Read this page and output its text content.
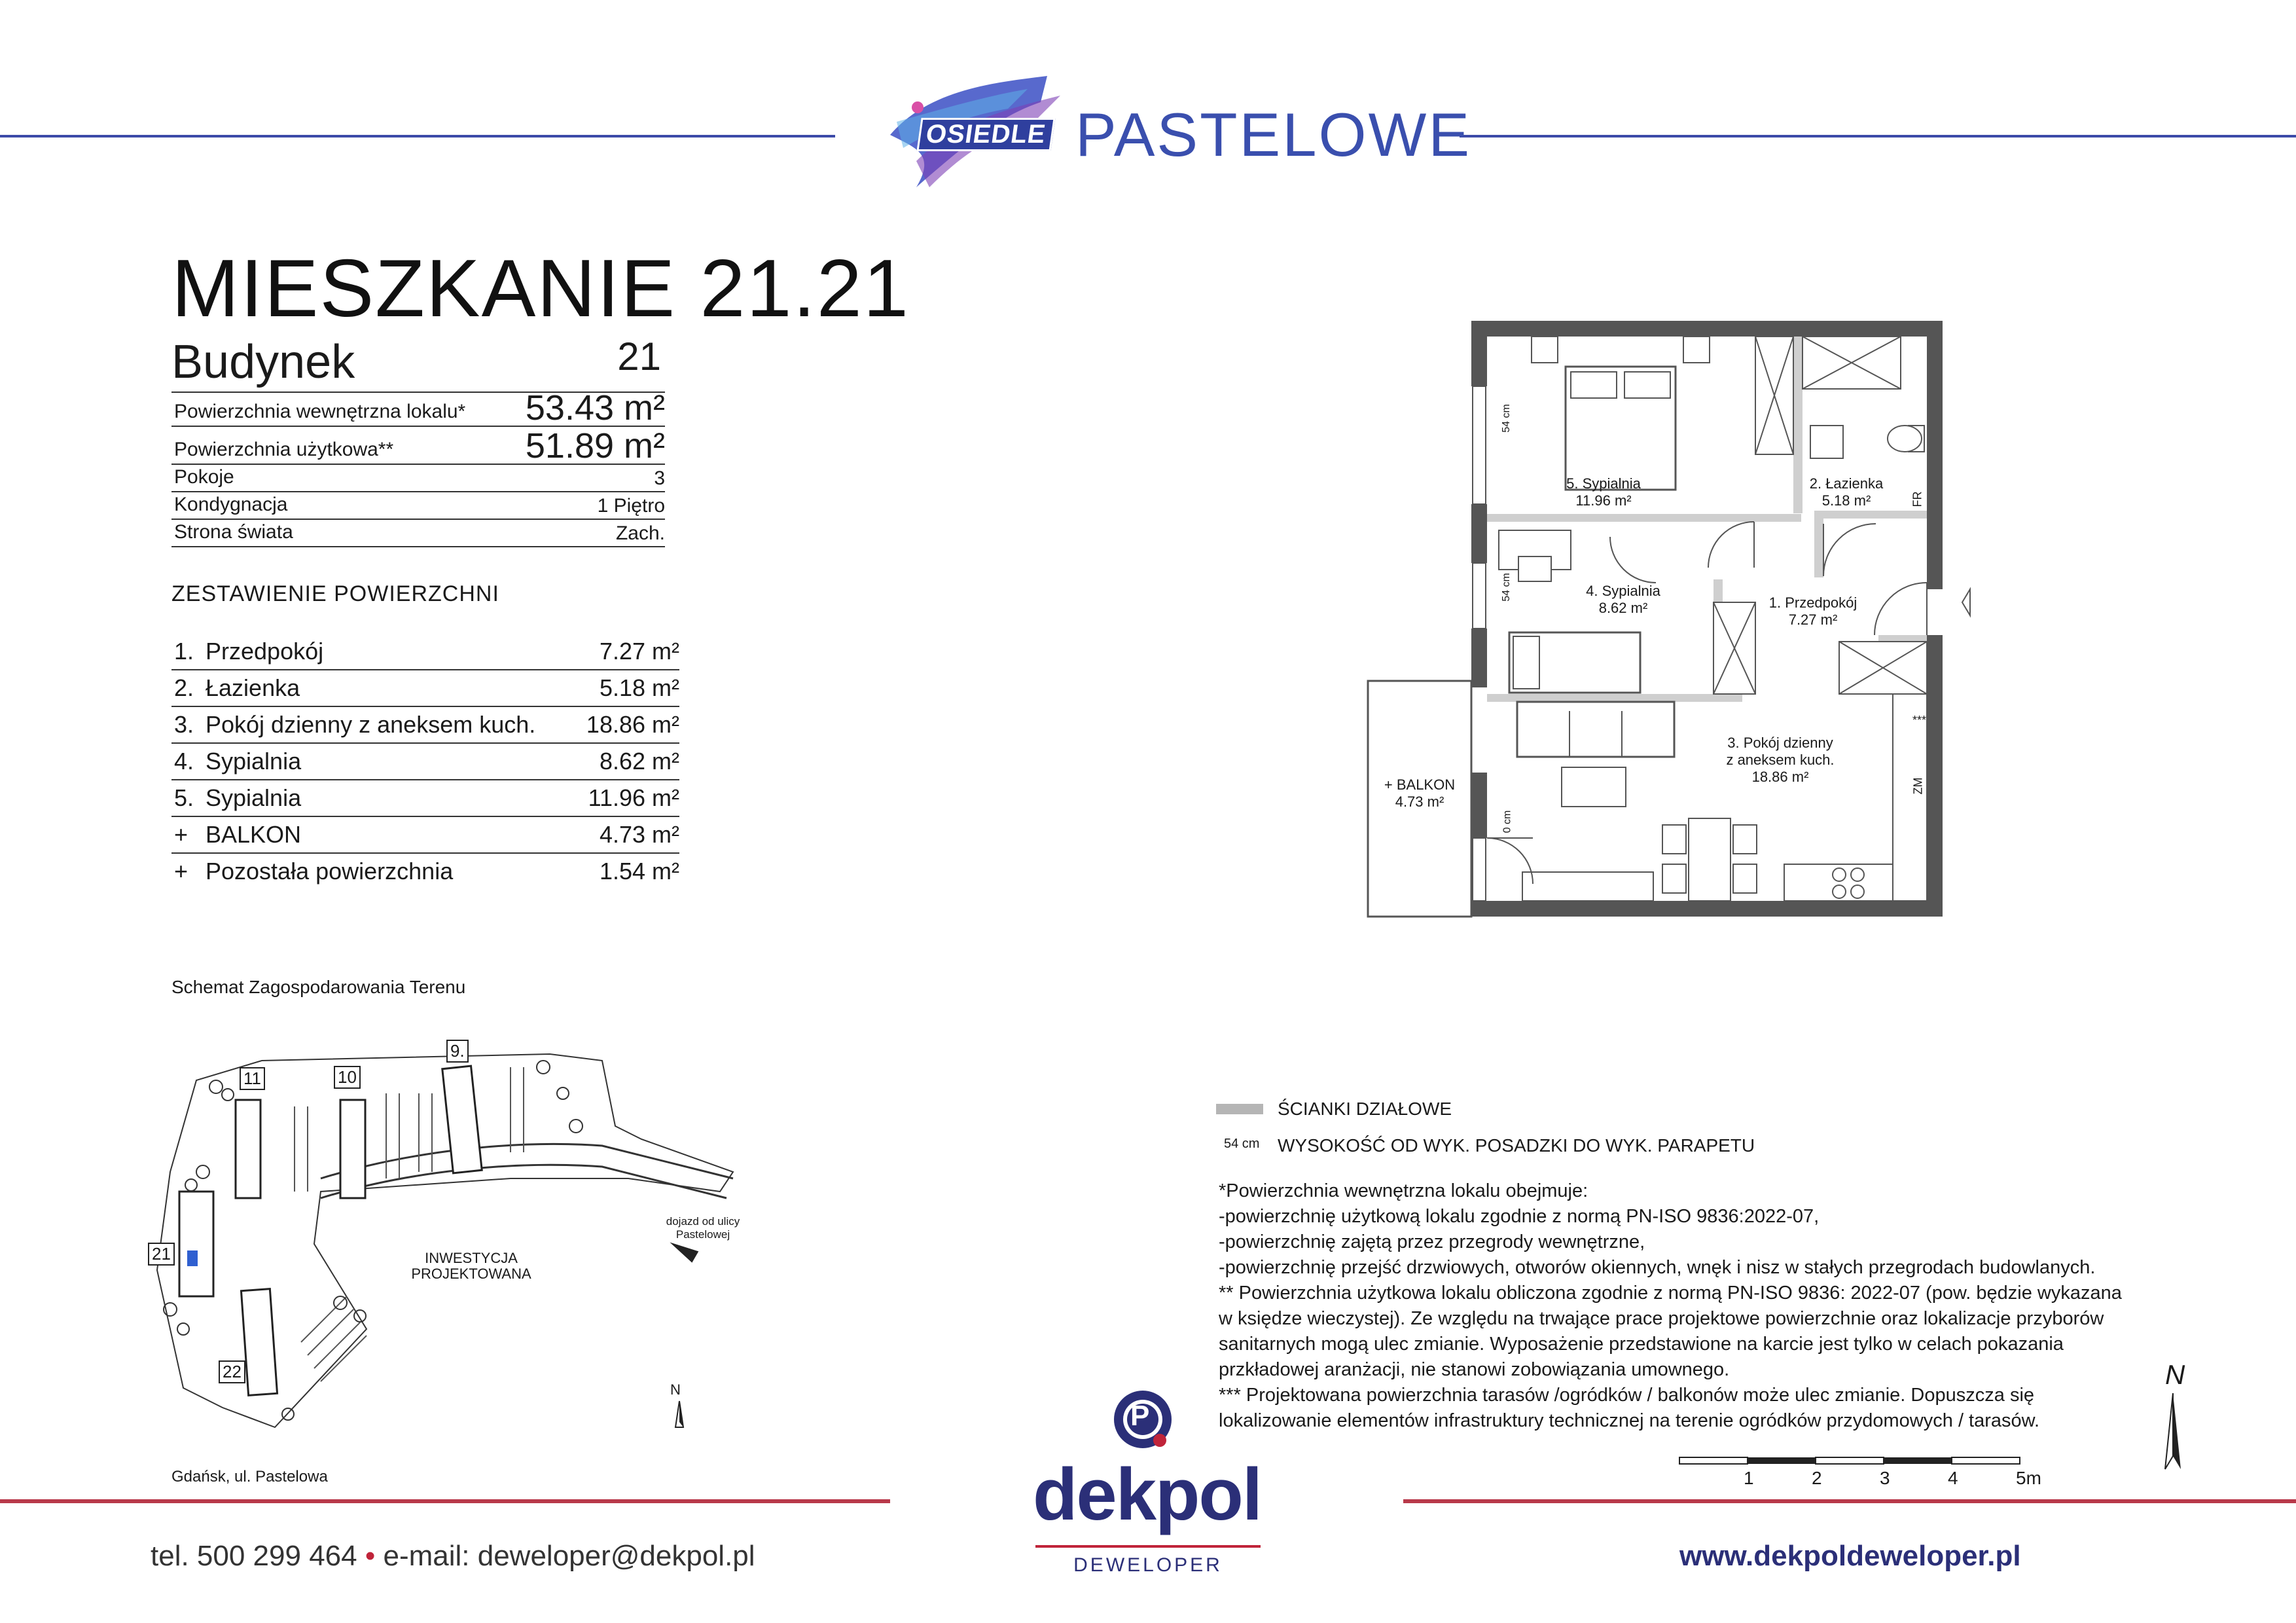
OSIEDLE PASTELOWE
MIESZKANIE 21.21
Budynek	21
Powierzchnia wewnętrzna lokalu* 53.43 m²
Powierzchnia użytkowa**	51.89 m²
Pokoje	3
Kondygnacja	1 Piętro
Strona świata	Zach.
ZESTAWIENIE POWIERZCHNI
1. Przedpokój	7.27 m²
2. Łazienka	5.18 m²
3. Pokój dzienny z aneksem kuch. 18.86 m²
4. Sypialnia	8.62 m²
5. Sypialnia	11.96 m²
+ BALKON	4.73 m²
+ Pozostała powierzchnia	1.54 m²
Schemat Zagospodarowania Terenu
11	10
9.
21
22
INWESTYCJA
PROJEKTOWANA
dojazd od ulicy
Pastelowej
N
Gdańsk, ul. Pastelowa
5. Sypialnia
11.96 m²
2. Łazienka
5.18 m²
4. Sypialnia
8.62 m²	1. Przedpokój
7.27 m²
3. Pokój dzienny
z aneksem kuch.
18.86 m²
+ BALKON
4.73 m²
54 cm
54 cm
0 cm
FR
ZM
***
ŚCIANKI DZIAŁOWE
54 cm WYSOKOŚĆ OD WYK. POSADZKI DO WYK. PARAPETU
*Powierzchnia wewnętrzna lokalu obejmuje:
-powierzchnię użytkową lokalu zgodnie z normą PN-ISO 9836:2022-07,
-powierzchnię zajętą przez przegrody wewnętrzne,
-powierzchnię przejść drzwiowych, otworów okiennych, wnęk i nisz w stałych przegrodach budowlanych.
** Powierzchnia użytkowa lokalu obliczona zgodnie z normą PN-ISO 9836: 2022-07 (pow. będzie wykazana
w księdze wieczystej). Ze względu na trwające prace projektowe powierzchnie oraz lokalizacje przyborów
sanitarnych mogą ulec zmianie. Wyposażenie przedstawione na karcie jest tylko w celach pokazania
przkładowej aranżacji, nie stanowi zobowiązania umownego.
*** Projektowana powierzchnia tarasów /ogródków / balkonów może ulec zmianie. Dopuszcza się
lokalizowanie elementów infrastruktury technicznej na terenie ogródków przydomowych / tarasów.
1	2	3	4	5m
N
tel. 500 299 464 • e-mail: deweloper@dekpol.pl	www.dekpoldeweloper.pl
P
dekpol
DEWELOPER
